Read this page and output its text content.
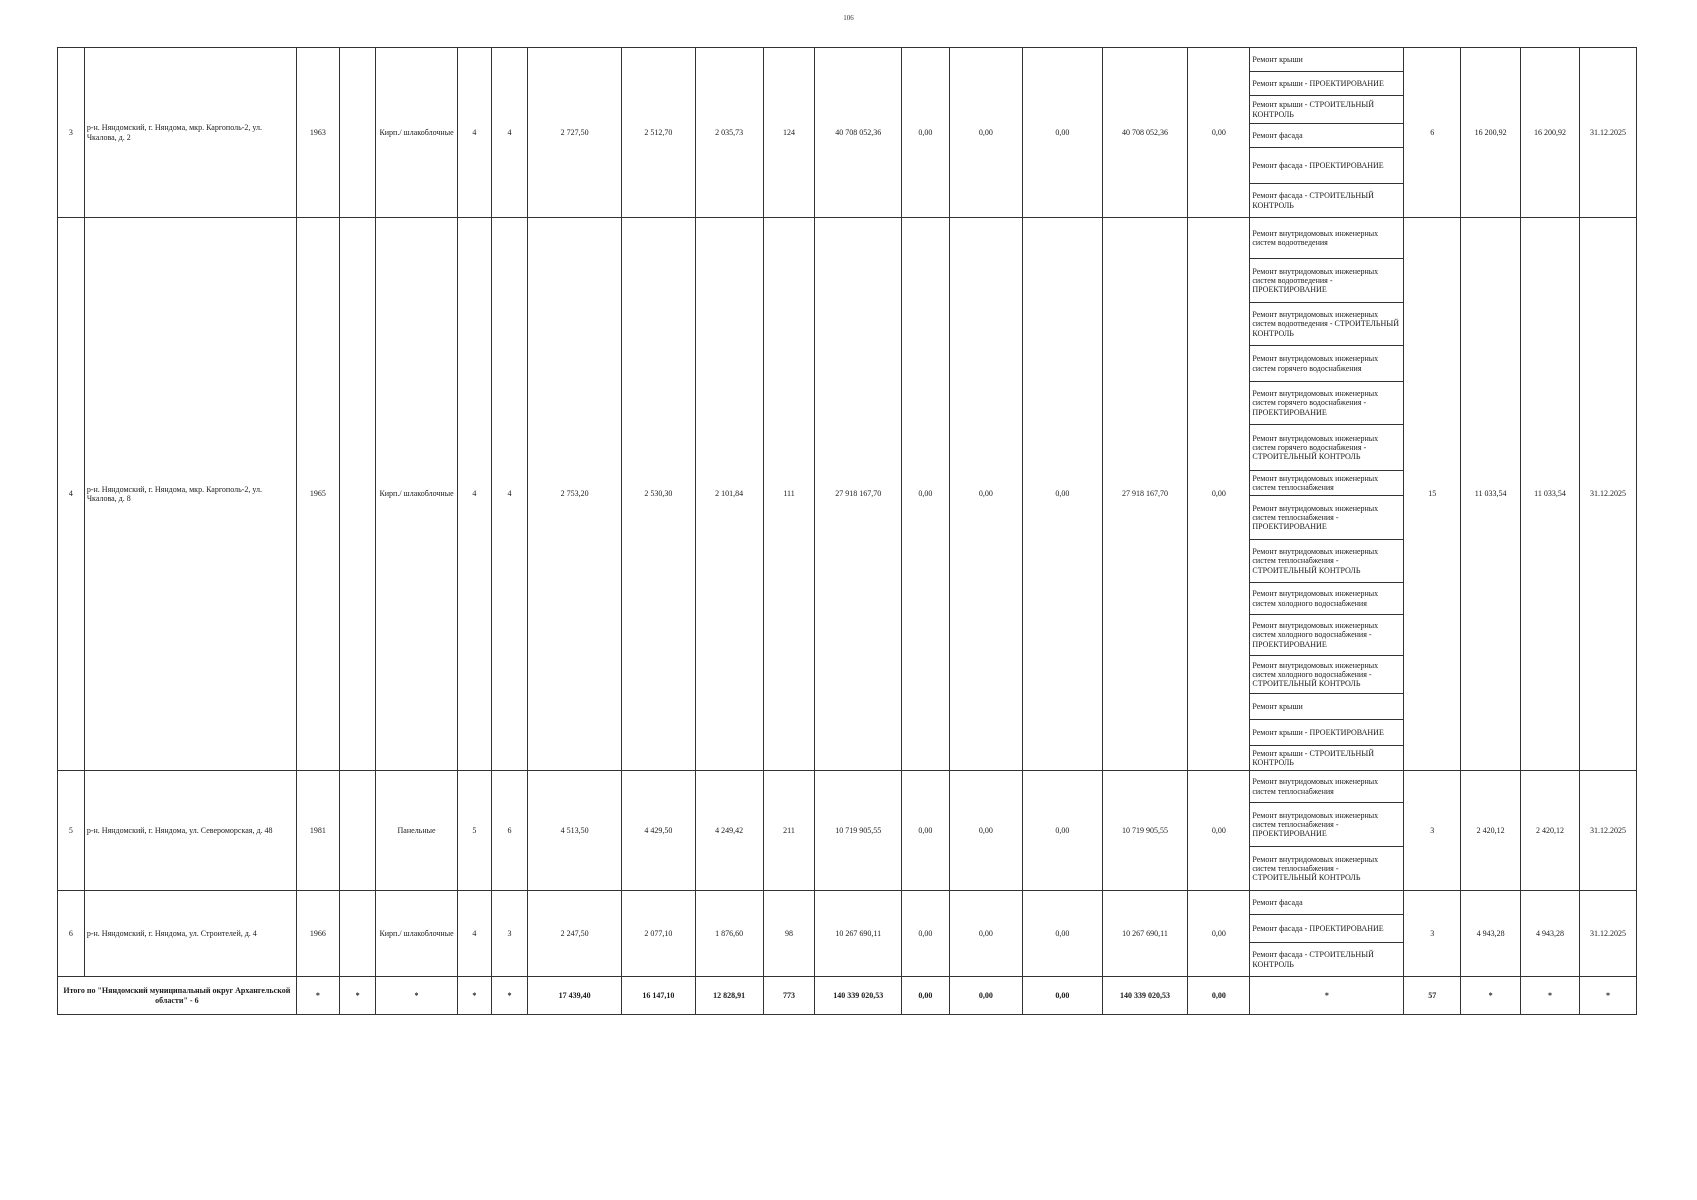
106
3	р-н. Няндомский, г. Няндома, мкр. Каргополь-2, ул. Чкалова, д. 2	1963		Кирп./ шлакоблочные	4	4	2 727,50	2 512,70	2 035,73	124	40 708 052,36	0,00	0,00	0,00	40 708 052,36	0,00	Ремонт крыши	6	16 200,92	16 200,92	31.12.2025
																	Ремонт крыши - ПРОЕКТИРОВАНИЕ				
																	Ремонт крыши - СТРОИТЕЛЬНЫЙ КОНТРОЛЬ				
																	Ремонт фасада				
																	Ремонт фасада - ПРОЕКТИРОВАНИЕ				
																	Ремонт фасада - СТРОИТЕЛЬНЫЙ КОНТРОЛЬ				
4	р-н. Няндомский, г. Няндома, мкр. Каргополь-2, ул. Чкалова, д. 8	1965		Кирп./ шлакоблочные	4	4	2 753,20	2 530,30	2 101,84	111	27 918 167,70	0,00	0,00	0,00	27 918 167,70	0,00	Ремонт внутридомовых инженерных систем водоотведения	15	11 033,54	11 033,54	31.12.2025
																	Ремонт внутридомовых инженерных систем водоотведения - ПРОЕКТИРОВАНИЕ				
																	Ремонт внутридомовых инженерных систем водоотведения - СТРОИТЕЛЬНЫЙ КОНТРОЛЬ				
																	Ремонт внутридомовых инженерных систем горячего водоснабжения				
																	Ремонт внутридомовых инженерных систем горячего водоснабжения - ПРОЕКТИРОВАНИЕ				
																	Ремонт внутридомовых инженерных систем горячего водоснабжения - СТРОИТЕЛЬНЫЙ КОНТРОЛЬ				
																	Ремонт внутридомовых инженерных систем теплоснабжения				
																	Ремонт внутридомовых инженерных систем теплоснабжения - ПРОЕКТИРОВАНИЕ				
																	Ремонт внутридомовых инженерных систем теплоснабжения - СТРОИТЕЛЬНЫЙ КОНТРОЛЬ				
																	Ремонт внутридомовых инженерных систем холодного водоснабжения				
																	Ремонт внутридомовых инженерных систем холодного водоснабжения - ПРОЕКТИРОВАНИЕ				
																	Ремонт внутридомовых инженерных систем холодного водоснабжения - СТРОИТЕЛЬНЫЙ КОНТРОЛЬ				
																	Ремонт крыши				
																	Ремонт крыши - ПРОЕКТИРОВАНИЕ				
																	Ремонт крыши - СТРОИТЕЛЬНЫЙ КОНТРОЛЬ				
5	р-н. Няндомский, г. Няндома, ул. Североморская, д. 48	1981		Панельные	5	6	4 513,50	4 429,50	4 249,42	211	10 719 905,55	0,00	0,00	0,00	10 719 905,55	0,00	Ремонт внутридомовых инженерных систем теплоснабжения	3	2 420,12	2 420,12	31.12.2025
																	Ремонт внутридомовых инженерных систем теплоснабжения - ПРОЕКТИРОВАНИЕ				
																	Ремонт внутридомовых инженерных систем теплоснабжения - СТРОИТЕЛЬНЫЙ КОНТРОЛЬ				
6	р-н. Няндомский, г. Няндома, ул. Строителей, д. 4	1966		Кирп./ шлакоблочные	4	3	2 247,50	2 077,10	1 876,60	98	10 267 690,11	0,00	0,00	0,00	10 267 690,11	0,00	Ремонт фасада	3	4 943,28	4 943,28	31.12.2025
																	Ремонт фасада - ПРОЕКТИРОВАНИЕ				
																	Ремонт фасада - СТРОИТЕЛЬНЫЙ КОНТРОЛЬ				
Итого по "Няндомский муниципальный округ Архангельской области" - 6		*	*	*	*	*	17 439,40	16 147,10	12 828,91	773	140 339 020,53	0,00	0,00	0,00	140 339 020,53	0,00	*	57	*	*	*
